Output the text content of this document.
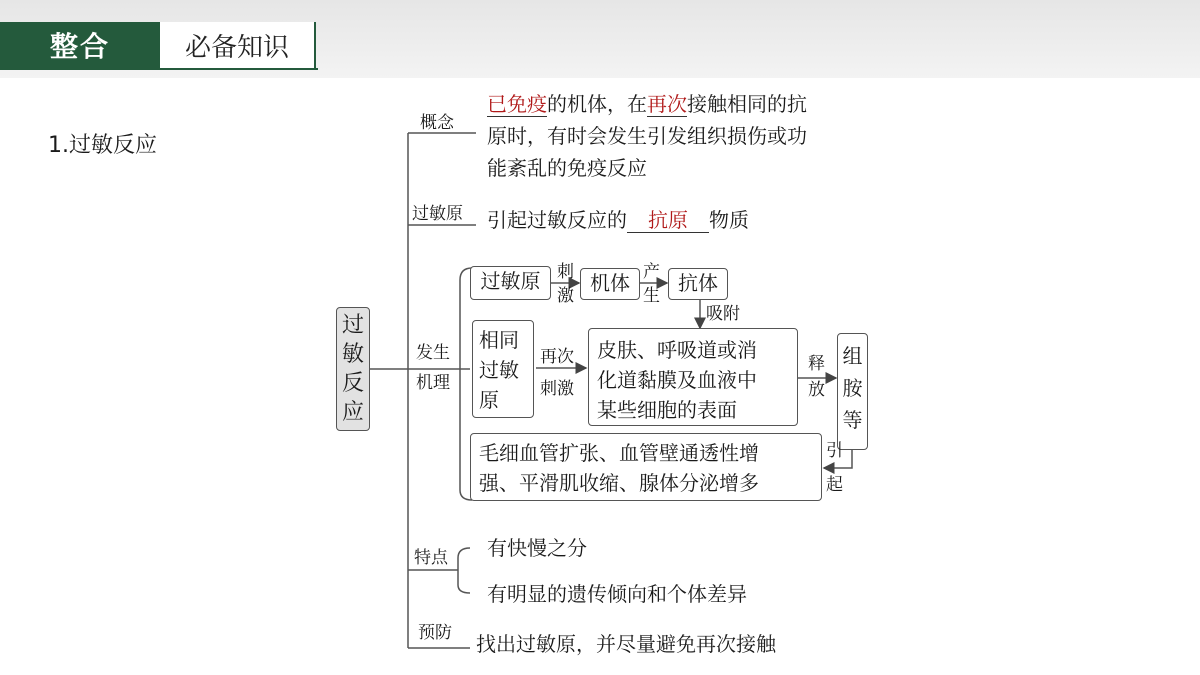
整合	必备知识
1.过敏反应
过敏反应
概念
已免疫的机体，在再次接触相同的抗
原时，有时会发生引发组织损伤或功
能紊乱的免疫反应
过敏原 引起过敏反应的 抗原 物质
发生
机理
过敏原 刺
激
机体 产
生
抗体
吸附
相同
过敏
原
再次
刺激
皮肤、呼吸道或消
化道黏膜及血液中
某些细胞的表面
释
放
组
胺
等
引
起
毛细血管扩张、血管壁通透性增
强、平滑肌收缩、腺体分泌增多
特点 有快慢之分
有明显的遗传倾向和个体差异
预防 找出过敏原，并尽量避免再次接触
